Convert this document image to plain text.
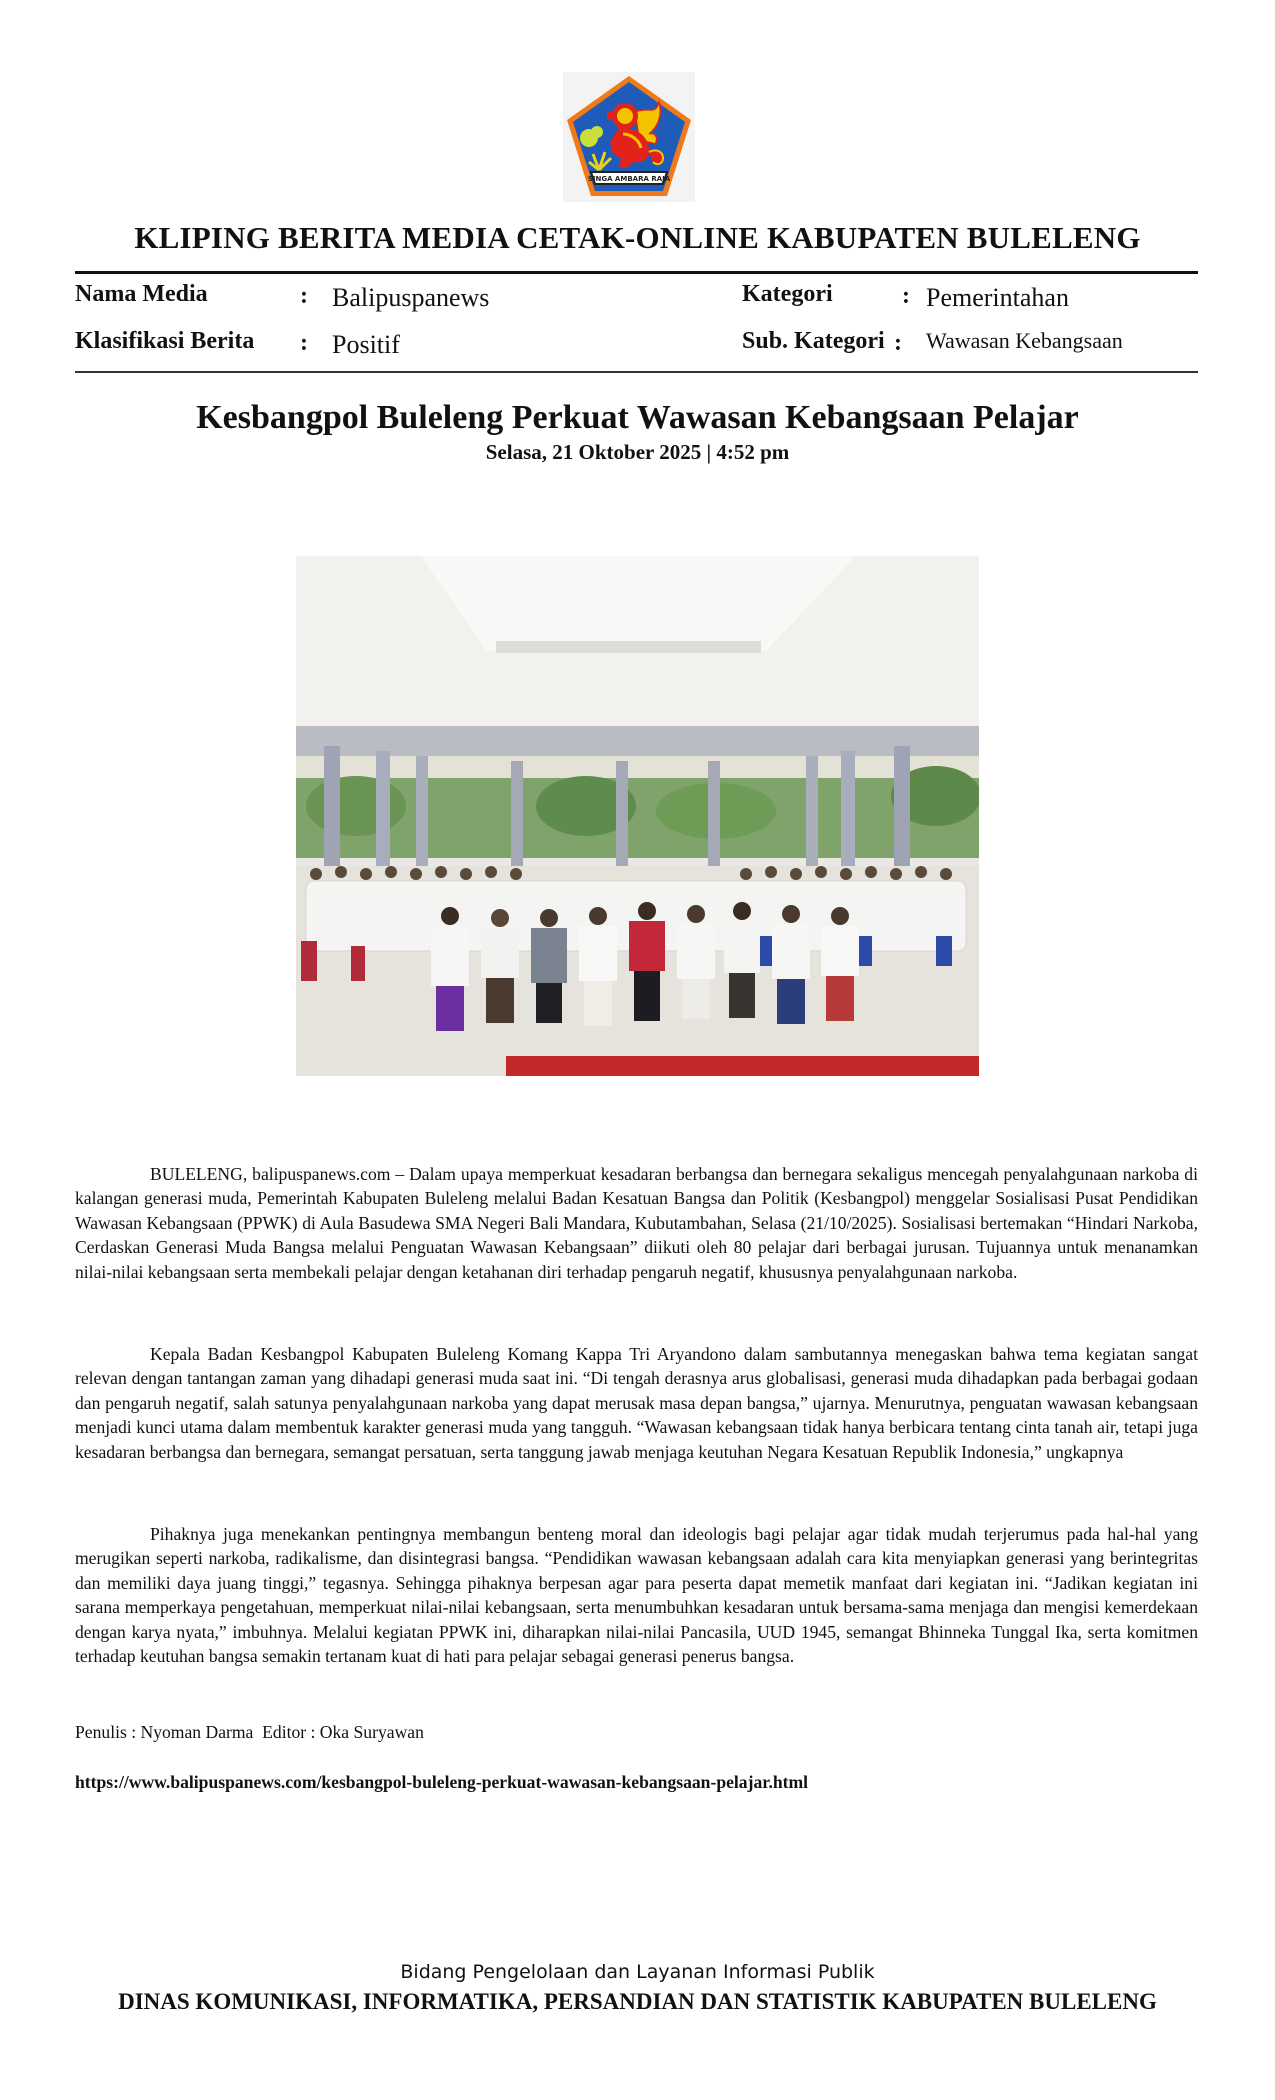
SINGA AMBARA RAJA
KLIPING BERITA MEDIA CETAK-ONLINE KABUPATEN BULELENG
Nama Media	: Balipuspanews
Klasifikasi Berita : Positif
Kategori	: Pemerintahan
Sub. Kategori : Wawasan Kebangsaan
Kesbangpol Buleleng Perkuat Wawasan Kebangsaan Pelajar
Selasa, 21 Oktober 2025 | 4:52 pm
BULELENG, balipuspanews.com – Dalam upaya memperkuat kesadaran berbangsa dan bernegara sekaligus mencegah penyalahgunaan narkoba di kalangan generasi muda, Pemerintah Kabupaten Buleleng melalui Badan Kesatuan Bangsa dan Politik (Kesbangpol) menggelar Sosialisasi Pusat Pendidikan Wawasan Kebangsaan (PPWK) di Aula Basudewa SMA Negeri Bali Mandara, Kubutambahan, Selasa (21/10/2025). Sosialisasi bertemakan “Hindari Narkoba, Cerdaskan Generasi Muda Bangsa melalui Penguatan Wawasan Kebangsaan” diikuti oleh 80 pelajar dari berbagai jurusan. Tujuannya untuk menanamkan nilai-nilai kebangsaan serta membekali pelajar dengan ketahanan diri terhadap pengaruh negatif, khususnya penyalahgunaan narkoba.
Kepala Badan Kesbangpol Kabupaten Buleleng Komang Kappa Tri Aryandono dalam sambutannya menegaskan bahwa tema kegiatan sangat relevan dengan tantangan zaman yang dihadapi generasi muda saat ini. “Di tengah derasnya arus globalisasi, generasi muda dihadapkan pada berbagai godaan dan pengaruh negatif, salah satunya penyalahgunaan narkoba yang dapat merusak masa depan bangsa,” ujarnya. Menurutnya, penguatan wawasan kebangsaan menjadi kunci utama dalam membentuk karakter generasi muda yang tangguh. “Wawasan kebangsaan tidak hanya berbicara tentang cinta tanah air, tetapi juga kesadaran berbangsa dan bernegara, semangat persatuan, serta tanggung jawab menjaga keutuhan Negara Kesatuan Republik Indonesia,” ungkapnya
Pihaknya juga menekankan pentingnya membangun benteng moral dan ideologis bagi pelajar agar tidak mudah terjerumus pada hal-hal yang merugikan seperti narkoba, radikalisme, dan disintegrasi bangsa. “Pendidikan wawasan kebangsaan adalah cara kita menyiapkan generasi yang berintegritas dan memiliki daya juang tinggi,” tegasnya. Sehingga pihaknya berpesan agar para peserta dapat memetik manfaat dari kegiatan ini. “Jadikan kegiatan ini sarana memperkaya pengetahuan, memperkuat nilai-nilai kebangsaan, serta menumbuhkan kesadaran untuk bersama-sama menjaga dan mengisi kemerdekaan dengan karya nyata,” imbuhnya. Melalui kegiatan PPWK ini, diharapkan nilai-nilai Pancasila, UUD 1945, semangat Bhinneka Tunggal Ika, serta komitmen terhadap keutuhan bangsa semakin tertanam kuat di hati para pelajar sebagai generasi penerus bangsa.
Penulis : Nyoman Darma  Editor : Oka Suryawan
https://www.balipuspanews.com/kesbangpol-buleleng-perkuat-wawasan-kebangsaan-pelajar.html
Bidang Pengelolaan dan Layanan Informasi Publik
DINAS KOMUNIKASI, INFORMATIKA, PERSANDIAN DAN STATISTIK KABUPATEN BULELENG
